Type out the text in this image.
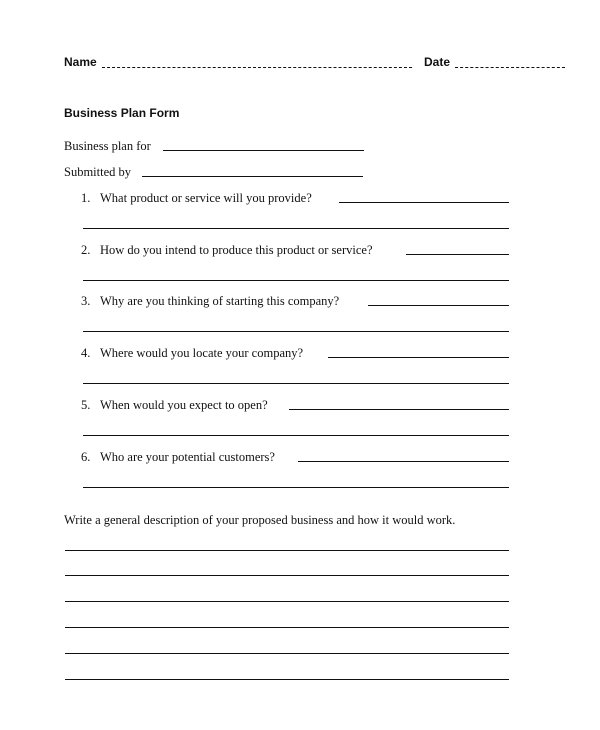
Name	Date
Business Plan Form
Business plan for
Submitted by
1. What product or service will you provide?
2. How do you intend to produce this product or service?
3. Why are you thinking of starting this company?
4. Where would you locate your company?
5. When would you expect to open?
6. Who are your potential customers?
Write a general description of your proposed business and how it would work.
